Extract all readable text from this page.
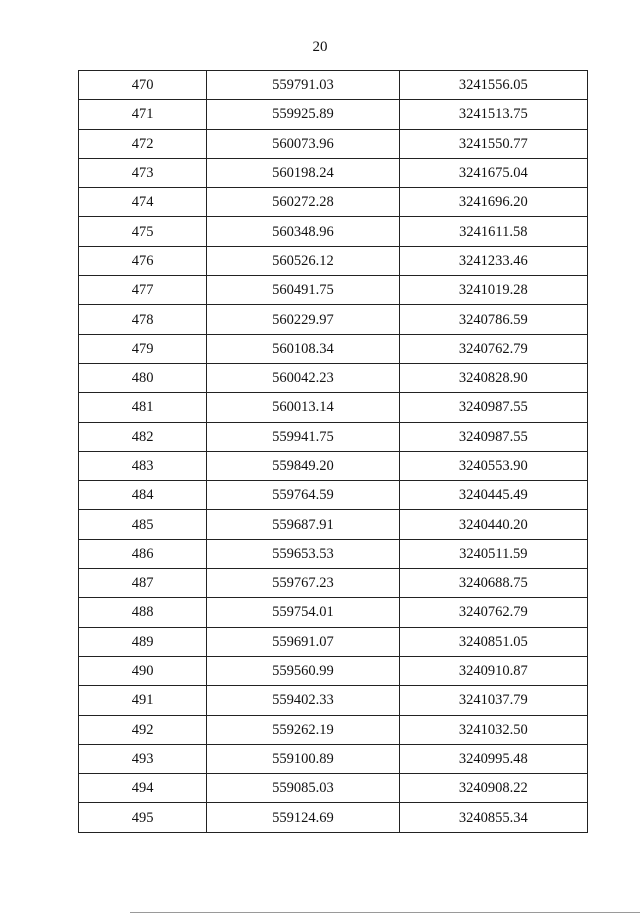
20
470	559791.03	3241556.05
471	559925.89	3241513.75
472	560073.96	3241550.77
473	560198.24	3241675.04
474	560272.28	3241696.20
475	560348.96	3241611.58
476	560526.12	3241233.46
477	560491.75	3241019.28
478	560229.97	3240786.59
479	560108.34	3240762.79
480	560042.23	3240828.90
481	560013.14	3240987.55
482	559941.75	3240987.55
483	559849.20	3240553.90
484	559764.59	3240445.49
485	559687.91	3240440.20
486	559653.53	3240511.59
487	559767.23	3240688.75
488	559754.01	3240762.79
489	559691.07	3240851.05
490	559560.99	3240910.87
491	559402.33	3241037.79
492	559262.19	3241032.50
493	559100.89	3240995.48
494	559085.03	3240908.22
495	559124.69	3240855.34
